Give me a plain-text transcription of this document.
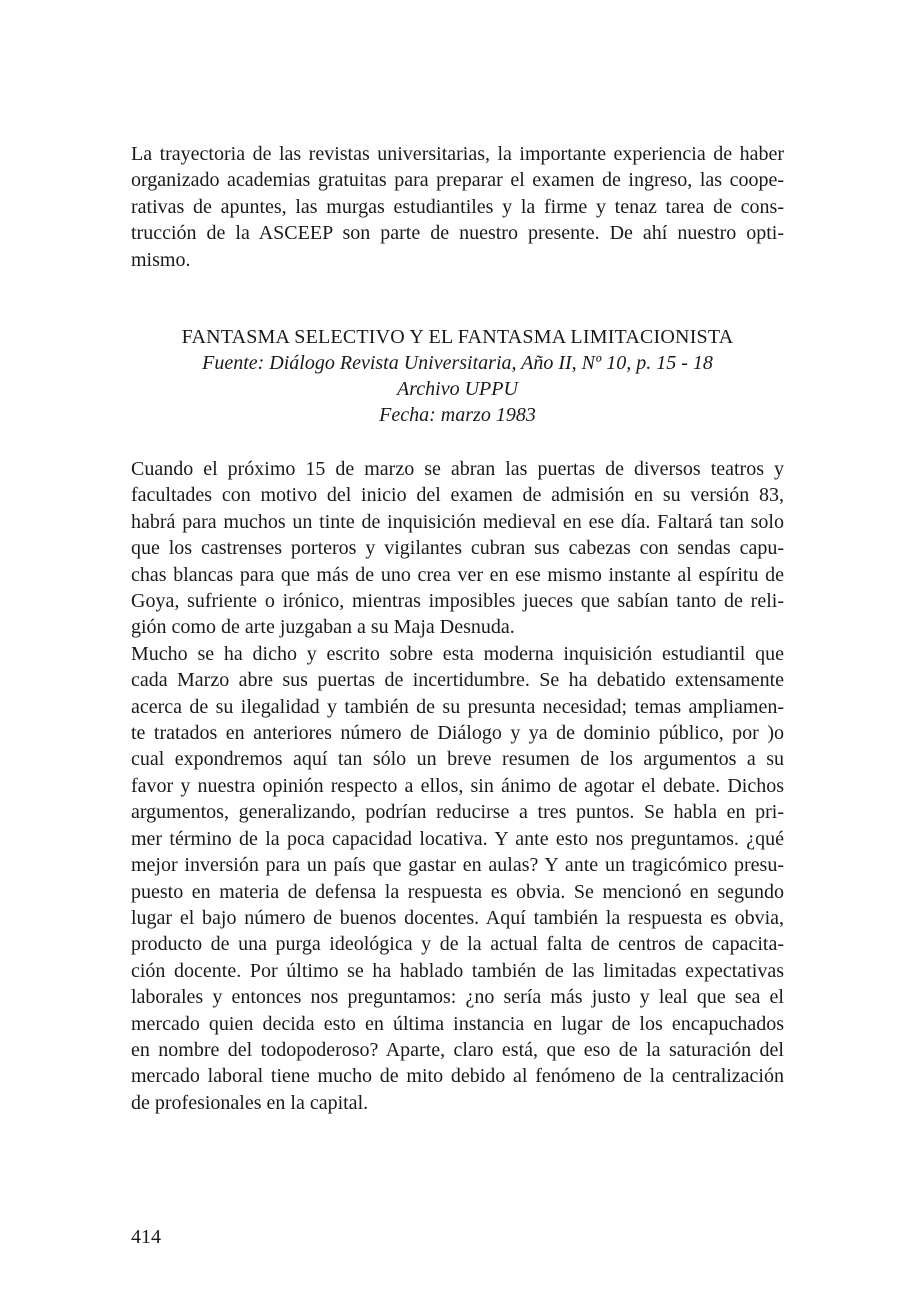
La trayectoria de las revistas universitarias, la importante experiencia de haber
organizado academias gratuitas para preparar el examen de ingreso, las coope-
rativas de apuntes, las murgas estudiantiles y la firme y tenaz tarea de cons-
trucción de la ASCEEP son parte de nuestro presente. De ahí nuestro opti-
mismo.
FANTASMA SELECTIVO Y EL FANTASMA LIMITACIONISTA
Fuente: Diálogo Revista Universitaria, Año II, Nº 10, p. 15 - 18
Archivo UPPU
Fecha: marzo 1983
Cuando el próximo 15 de marzo se abran las puertas de diversos teatros y
facultades con motivo del inicio del examen de admisión en su versión 83,
habrá para muchos un tinte de inquisición medieval en ese día. Faltará tan solo
que los castrenses porteros y vigilantes cubran sus cabezas con sendas capu-
chas blancas para que más de uno crea ver en ese mismo instante al espíritu de
Goya, sufriente o irónico, mientras imposibles jueces que sabían tanto de reli-
gión como de arte juzgaban a su Maja Desnuda.
Mucho se ha dicho y escrito sobre esta moderna inquisición estudiantil que
cada Marzo abre sus puertas de incertidumbre. Se ha debatido extensamente
acerca de su ilegalidad y también de su presunta necesidad; temas ampliamen-
te tratados en anteriores número de Diálogo y ya de dominio público, por )o
cual expondremos aquí tan sólo un breve resumen de los argumentos a su
favor y nuestra opinión respecto a ellos, sin ánimo de agotar el debate. Dichos
argumentos, generalizando, podrían reducirse a tres puntos. Se habla en pri-
mer término de la poca capacidad locativa. Y ante esto nos preguntamos. ¿qué
mejor inversión para un país que gastar en aulas? Y ante un tragicómico presu-
puesto en materia de defensa la respuesta es obvia. Se mencionó en segundo
lugar el bajo número de buenos docentes. Aquí también la respuesta es obvia,
producto de una purga ideológica y de la actual falta de centros de capacita-
ción docente. Por último se ha hablado también de las limitadas expectativas
laborales y entonces nos preguntamos: ¿no sería más justo y leal que sea el
mercado quien decida esto en última instancia en lugar de los encapuchados
en nombre del todopoderoso? Aparte, claro está, que eso de la saturación del
mercado laboral tiene mucho de mito debido al fenómeno de la centralización
de profesionales en la capital.
414
